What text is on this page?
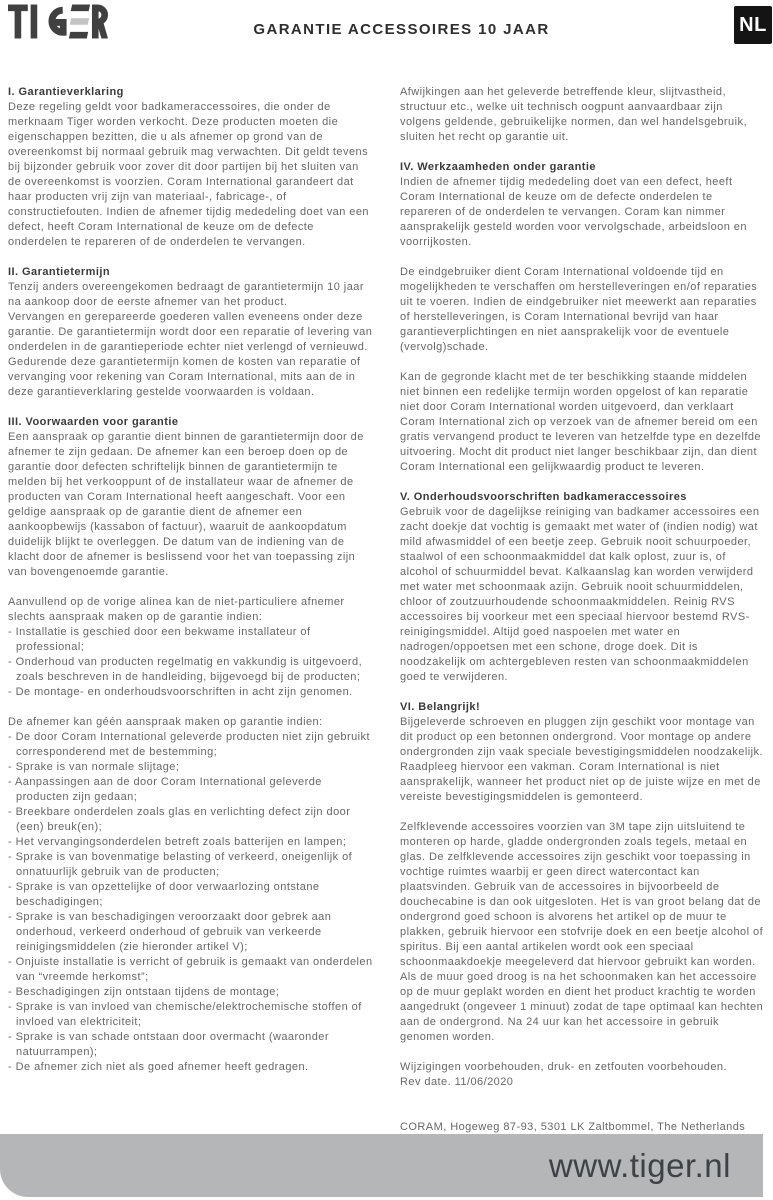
GARANTIE ACCESSOIRES 10 JAAR	NL
I. Garantieverklaring
Deze regeling geldt voor badkameraccessoires, die onder de merknaam Tiger worden verkocht. Deze producten moeten die eigenschappen bezitten, die u als afnemer op grond van de overeenkomst bij normaal gebruik mag verwachten. Dit geldt tevens bij bijzonder gebruik voor zover dit door partijen bij het sluiten van de overeenkomst is voorzien. Coram International garandeert dat haar producten vrij zijn van materiaal-, fabricage-, of constructiefouten. Indien de afnemer tijdig mededeling doet van een defect, heeft Coram International de keuze om de defecte onderdelen te repareren of de onderdelen te vervangen.
II. Garantietermijn
Tenzij anders overeengekomen bedraagt de garantietermijn 10 jaar na aankoop door de eerste afnemer van het product.
Vervangen en gerepareerde goederen vallen eveneens onder deze garantie. De garantietermijn wordt door een reparatie of levering van onderdelen in de garantieperiode echter niet verlengd of vernieuwd.
Gedurende deze garantietermijn komen de kosten van reparatie of vervanging voor rekening van Coram International, mits aan de in deze garantieverklaring gestelde voorwaarden is voldaan.
III. Voorwaarden voor garantie
Een aanspraak op garantie dient binnen de garantietermijn door de afnemer te zijn gedaan. De afnemer kan een beroep doen op de garantie door defecten schriftelijk binnen de garantietermijn te melden bij het verkooppunt of de installateur waar de afnemer de producten van Coram International heeft aangeschaft. Voor een geldige aanspraak op de garantie dient de afnemer een aankoopbewijs (kassabon of factuur), waaruit de aankoopdatum duidelijk blijkt te overleggen. De datum van de indiening van de klacht door de afnemer is beslissend voor het van toepassing zijn van bovengenoemde garantie.
Aanvullend op de vorige alinea kan de niet-particuliere afnemer slechts aanspraak maken op de garantie indien:
- Installatie is geschied door een bekwame installateur of professional;
- Onderhoud van producten regelmatig en vakkundig is uitgevoerd, zoals beschreven in de handleiding, bijgevoegd bij de producten;
- De montage- en onderhoudsvoorschriften in acht zijn genomen.
De afnemer kan géén aanspraak maken op garantie indien:
- De door Coram International geleverde producten niet zijn gebruikt corresponderend met de bestemming;
- Sprake is van normale slijtage;
- Aanpassingen aan de door Coram International geleverde producten zijn gedaan;
- Breekbare onderdelen zoals glas en verlichting defect zijn door (een) breuk(en);
- Het vervangingsonderdelen betreft zoals batterijen en lampen;
- Sprake is van bovenmatige belasting of verkeerd, oneigenlijk of onnatuurlijk gebruik van de producten;
- Sprake is van opzettelijke of door verwaarlozing ontstane beschadigingen;
- Sprake is van beschadigingen veroorzaakt door gebrek aan onderhoud, verkeerd onderhoud of gebruik van verkeerde reinigingsmiddelen (zie hieronder artikel V);
- Onjuiste installatie is verricht of gebruik is gemaakt van onderdelen van “vreemde herkomst”;
- Beschadigingen zijn ontstaan tijdens de montage;
- Sprake is van invloed van chemische/elektrochemische stoffen of invloed van elektriciteit;
- Sprake is van schade ontstaan door overmacht (waaronder natuurrampen);
- De afnemer zich niet als goed afnemer heeft gedragen.
Afwijkingen aan het geleverde betreffende kleur, slijtvastheid, structuur etc., welke uit technisch oogpunt aanvaardbaar zijn volgens geldende, gebruikelijke normen, dan wel handelsgebruik, sluiten het recht op garantie uit.
IV. Werkzaamheden onder garantie
Indien de afnemer tijdig mededeling doet van een defect, heeft Coram International de keuze om de defecte onderdelen te repareren of de onderdelen te vervangen. Coram kan nimmer aansprakelijk gesteld worden voor vervolgschade, arbeidsloon en voorrijkosten.
De eindgebruiker dient Coram International voldoende tijd en mogelijkheden te verschaffen om herstelleveringen en/of reparaties uit te voeren. Indien de eindgebruiker niet meewerkt aan reparaties of herstelleveringen, is Coram International bevrijd van haar garantieverplichtingen en niet aansprakelijk voor de eventuele (vervolg)schade.
Kan de gegronde klacht met de ter beschikking staande middelen niet binnen een redelijke termijn worden opgelost of kan reparatie niet door Coram International worden uitgevoerd, dan verklaart Coram International zich op verzoek van de afnemer bereid om een gratis vervangend product te leveren van hetzelfde type en dezelfde uitvoering. Mocht dit product niet langer beschikbaar zijn, dan dient Coram International een gelijkwaardig product te leveren.
V. Onderhoudsvoorschriften badkameraccessoires
Gebruik voor de dagelijkse reiniging van badkamer accessoires een zacht doekje dat vochtig is gemaakt met water of (indien nodig) wat mild afwasmiddel of een beetje zeep. Gebruik nooit schuurpoeder, staalwol of een schoonmaakmiddel dat kalk oplost, zuur is, of alcohol of schuurmiddel bevat. Kalkaanslag kan worden verwijderd met water met schoonmaak azijn. Gebruik nooit schuurmiddelen, chloor of zoutzuurhoudende schoonmaakmiddelen. Reinig RVS accessoires bij voorkeur met een speciaal hiervoor bestemd RVS-reinigingsmiddel. Altijd goed naspoelen met water en nadrogen/oppoetsen met een schone, droge doek. Dit is noodzakelijk om achtergebleven resten van schoonmaakmiddelen goed te verwijderen.
VI. Belangrijk!
Bijgeleverde schroeven en pluggen zijn geschikt voor montage van dit product op een betonnen ondergrond. Voor montage op andere ondergronden zijn vaak speciale bevestigingsmiddelen noodzakelijk. Raadpleeg hiervoor een vakman. Coram International is niet aansprakelijk, wanneer het product niet op de juiste wijze en met de vereiste bevestigingsmiddelen is gemonteerd.
Zelfklevende accessoires voorzien van 3M tape zijn uitsluitend te monteren op harde, gladde ondergronden zoals tegels, metaal en glas. De zelfklevende accessoires zijn geschikt voor toepassing in vochtige ruimtes waarbij er geen direct watercontact kan plaatsvinden. Gebruik van de accessoires in bijvoorbeeld de douchecabine is dan ook uitgesloten. Het is van groot belang dat de ondergrond goed schoon is alvorens het artikel op de muur te plakken, gebruik hiervoor een stofvrije doek en een beetje alcohol of spiritus. Bij een aantal artikelen wordt ook een speciaal schoonmaakdoekje meegeleverd dat hiervoor gebruikt kan worden. Als de muur goed droog is na het schoonmaken kan het accessoire op de muur geplakt worden en dient het product krachtig te worden aangedrukt (ongeveer 1 minuut) zodat de tape optimaal kan hechten aan de ondergrond. Na 24 uur kan het accessoire in gebruik genomen worden.
Wijzigingen voorbehouden, druk- en zetfouten voorbehouden.
Rev date. 11/06/2020
CORAM, Hogeweg 87-93, 5301 LK Zaltbommel, The Netherlands
www.tiger.nl
